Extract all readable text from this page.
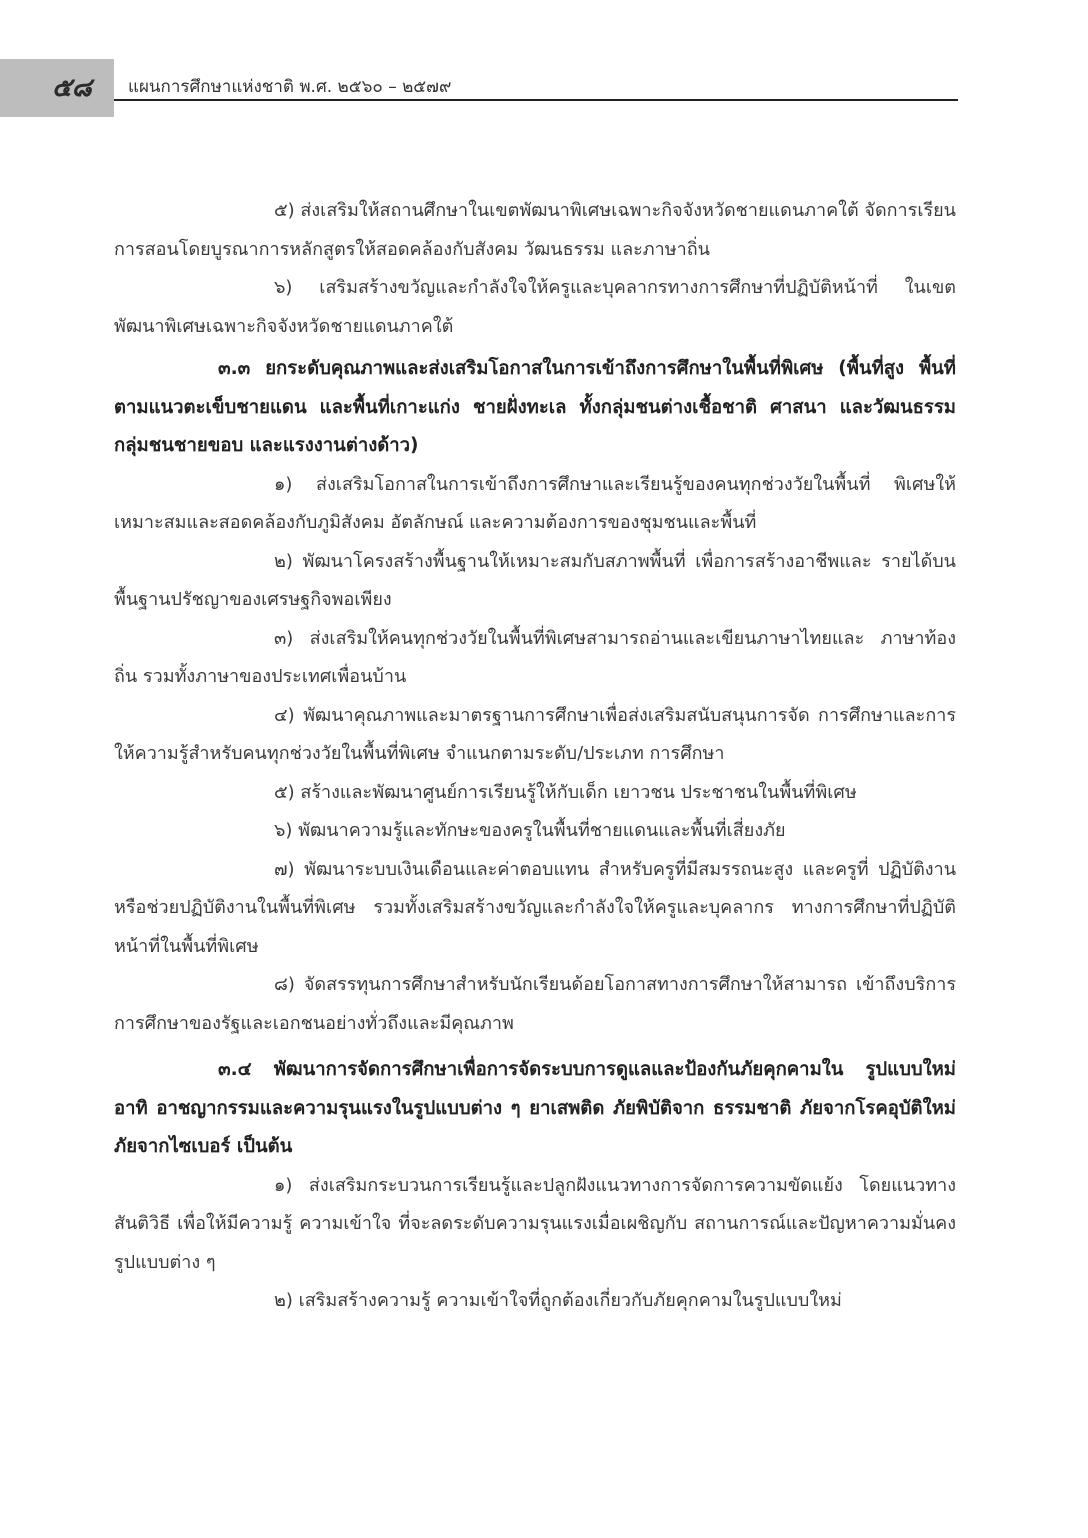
๕๘	แผนการศึกษาแห่งชาติ พ.ศ. ๒๕๖๐ – ๒๕๗๙

๕) ส่งเสริมให้สถานศึกษาในเขตพัฒนาพิเศษเฉพาะกิจจังหวัดชายแดนภาคใต้ จัดการเรียนการสอนโดยบูรณาการหลักสูตรให้สอดคล้องกับสังคม วัฒนธรรม และภาษาถิ่น

๖) เสริมสร้างขวัญและกำลังใจให้ครูและบุคลากรทางการศึกษาที่ปฏิบัติหน้าที่ ในเขตพัฒนาพิเศษเฉพาะกิจจังหวัดชายแดนภาคใต้

๓.๓ ยกระดับคุณภาพและส่งเสริมโอกาสในการเข้าถึงการศึกษาในพื้นที่พิเศษ (พื้นที่สูง พื้นที่ตามแนวตะเข็บชายแดน และพื้นที่เกาะแก่ง ชายฝั่งทะเล ทั้งกลุ่มชนต่างเชื้อชาติ ศาสนา และวัฒนธรรม กลุ่มชนชายขอบ และแรงงานต่างด้าว)

๑) ส่งเสริมโอกาสในการเข้าถึงการศึกษาและเรียนรู้ของคนทุกช่วงวัยในพื้นที่ พิเศษให้เหมาะสมและสอดคล้องกับภูมิสังคม อัตลักษณ์ และความต้องการของชุมชนและพื้นที่

๒) พัฒนาโครงสร้างพื้นฐานให้เหมาะสมกับสภาพพื้นที่ เพื่อการสร้างอาชีพและ รายได้บนพื้นฐานปรัชญาของเศรษฐกิจพอเพียง

๓) ส่งเสริมให้คนทุกช่วงวัยในพื้นที่พิเศษสามารถอ่านและเขียนภาษาไทยและ ภาษาท้องถิ่น รวมทั้งภาษาของประเทศเพื่อนบ้าน

๔) พัฒนาคุณภาพและมาตรฐานการศึกษาเพื่อส่งเสริมสนับสนุนการจัด การศึกษาและการให้ความรู้สำหรับคนทุกช่วงวัยในพื้นที่พิเศษ จำแนกตามระดับ/ประเภท การศึกษา

๕) สร้างและพัฒนาศูนย์การเรียนรู้ให้กับเด็ก เยาวชน ประชาชนในพื้นที่พิเศษ

๖) พัฒนาความรู้และทักษะของครูในพื้นที่ชายแดนและพื้นที่เสี่ยงภัย

๗) พัฒนาระบบเงินเดือนและค่าตอบแทน สำหรับครูที่มีสมรรถนะสูง และครูที่ ปฏิบัติงานหรือช่วยปฏิบัติงานในพื้นที่พิเศษ รวมทั้งเสริมสร้างขวัญและกำลังใจให้ครูและบุคลากร ทางการศึกษาที่ปฏิบัติหน้าที่ในพื้นที่พิเศษ

๘) จัดสรรทุนการศึกษาสำหรับนักเรียนด้อยโอกาสทางการศึกษาให้สามารถ เข้าถึงบริการการศึกษาของรัฐและเอกชนอย่างทั่วถึงและมีคุณภาพ

๓.๔ พัฒนาการจัดการศึกษาเพื่อการจัดระบบการดูแลและป้องกันภัยคุกคามใน รูปแบบใหม่ อาทิ อาชญากรรมและความรุนแรงในรูปแบบต่าง ๆ ยาเสพติด ภัยพิบัติจาก ธรรมชาติ ภัยจากโรคอุบัติใหม่ ภัยจากไซเบอร์ เป็นต้น

๑) ส่งเสริมกระบวนการเรียนรู้และปลูกฝังแนวทางการจัดการความขัดแย้ง โดยแนวทางสันติวิธี เพื่อให้มีความรู้ ความเข้าใจ ที่จะลดระดับความรุนแรงเมื่อเผชิญกับ สถานการณ์และปัญหาความมั่นคงรูปแบบต่าง ๆ

๒) เสริมสร้างความรู้ ความเข้าใจที่ถูกต้องเกี่ยวกับภัยคุกคามในรูปแบบใหม่
